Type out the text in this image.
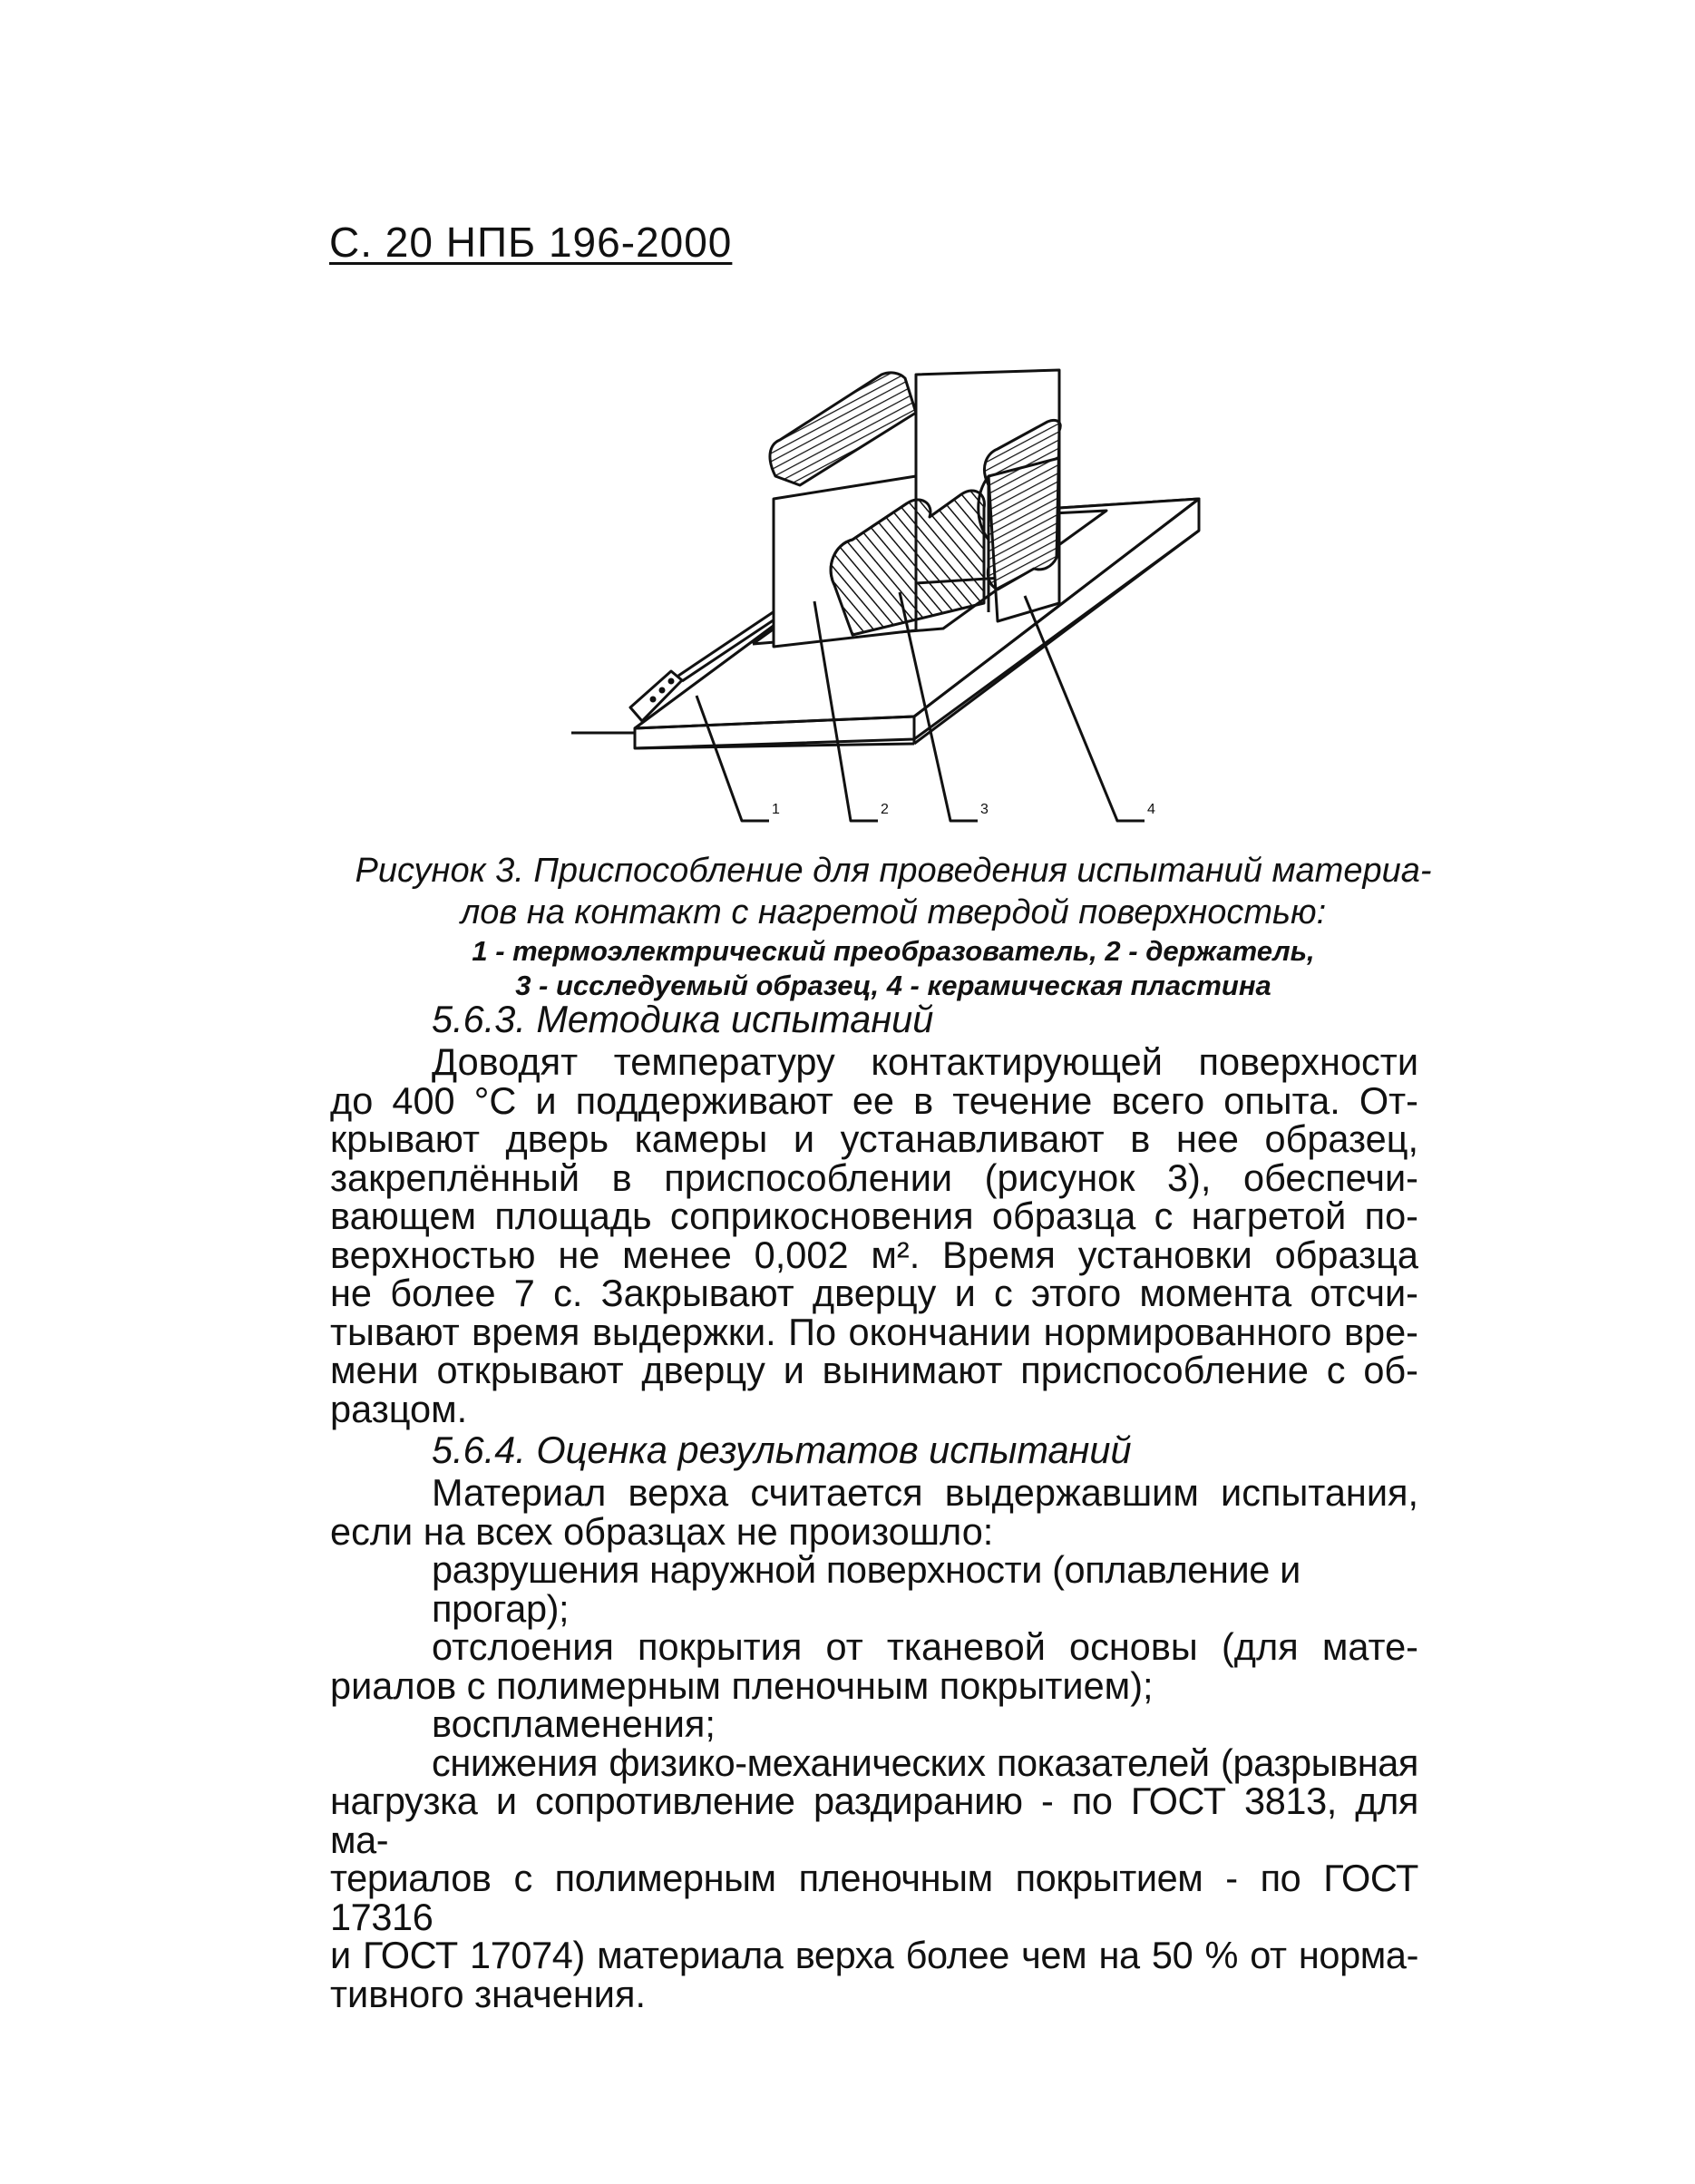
С. 20 НПБ 196-2000
1	2	3	4
Рисунок 3. Приспособление для проведения испытаний материа-
лов на контакт с нагретой твердой поверхностью:
1 - термоэлектрический преобразователь, 2 - держатель,
3 - исследуемый образец, 4 - керамическая пластина
5.6.3. Методика испытаний
Доводят температуру контактирующей поверхности
до 400 °С и поддерживают ее в течение всего опыта. От-
крывают дверь камеры и устанавливают в нее образец,
закреплённый в приспособлении (рисунок 3), обеспечи-
вающем площадь соприкосновения образца с нагретой по-
верхностью не менее 0,002 м². Время установки образца
не более 7 с. Закрывают дверцу и с этого момента отсчи-
тывают время выдержки. По окончании нормированного вре-
мени открывают дверцу и вынимают приспособление с об-
разцом.
5.6.4. Оценка результатов испытаний
Материал верха считается выдержавшим испытания,
если на всех образцах не произошло:
разрушения наружной поверхности (оплавление и прогар);
отслоения покрытия от тканевой основы (для мате-
риалов с полимерным пленочным покрытием);
воспламенения;
снижения физико-механических показателей (разрывная
нагрузка и сопротивление раздиранию - по ГОСТ 3813, для ма-
териалов с полимерным пленочным покрытием - по ГОСТ 17316
и ГОСТ 17074) материала верха более чем на 50 % от норма-
тивного значения.
